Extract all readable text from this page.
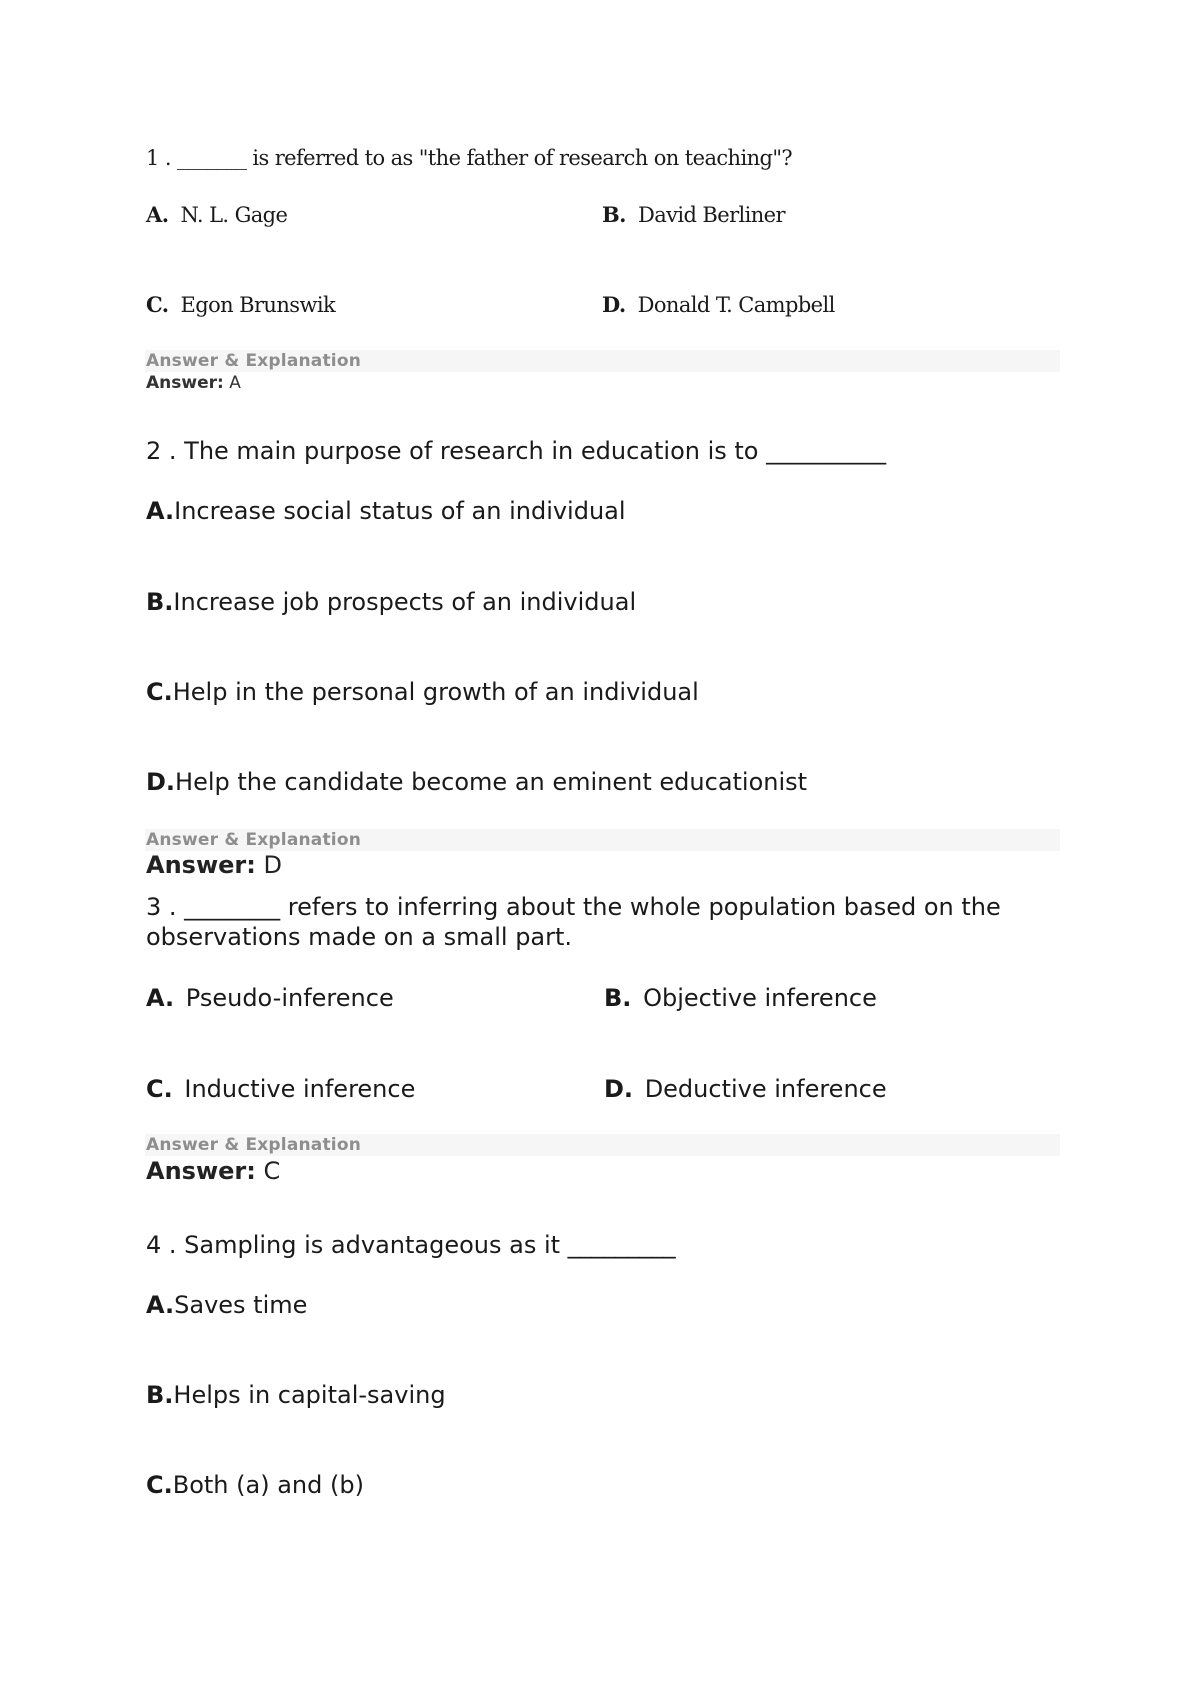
1 . _______ is referred to as "the father of research on teaching"?
A. N. L. Gage	B. David Berliner
C. Egon Brunswik	D. Donald T. Campbell
Answer & Explanation
Answer: A
2 . The main purpose of research in education is to __________
A.Increase social status of an individual
B.Increase job prospects of an individual
C.Help in the personal growth of an individual
D.Help the candidate become an eminent educationist
Answer & Explanation
Answer: D
3 . ________ refers to inferring about the whole population based on the
observations made on a small part.
A. Pseudo-inference	B. Objective inference
C. Inductive inference	D. Deductive inference
Answer & Explanation
Answer: C
4 . Sampling is advantageous as it _________
A.Saves time
B.Helps in capital-saving
C.Both (a) and (b)
